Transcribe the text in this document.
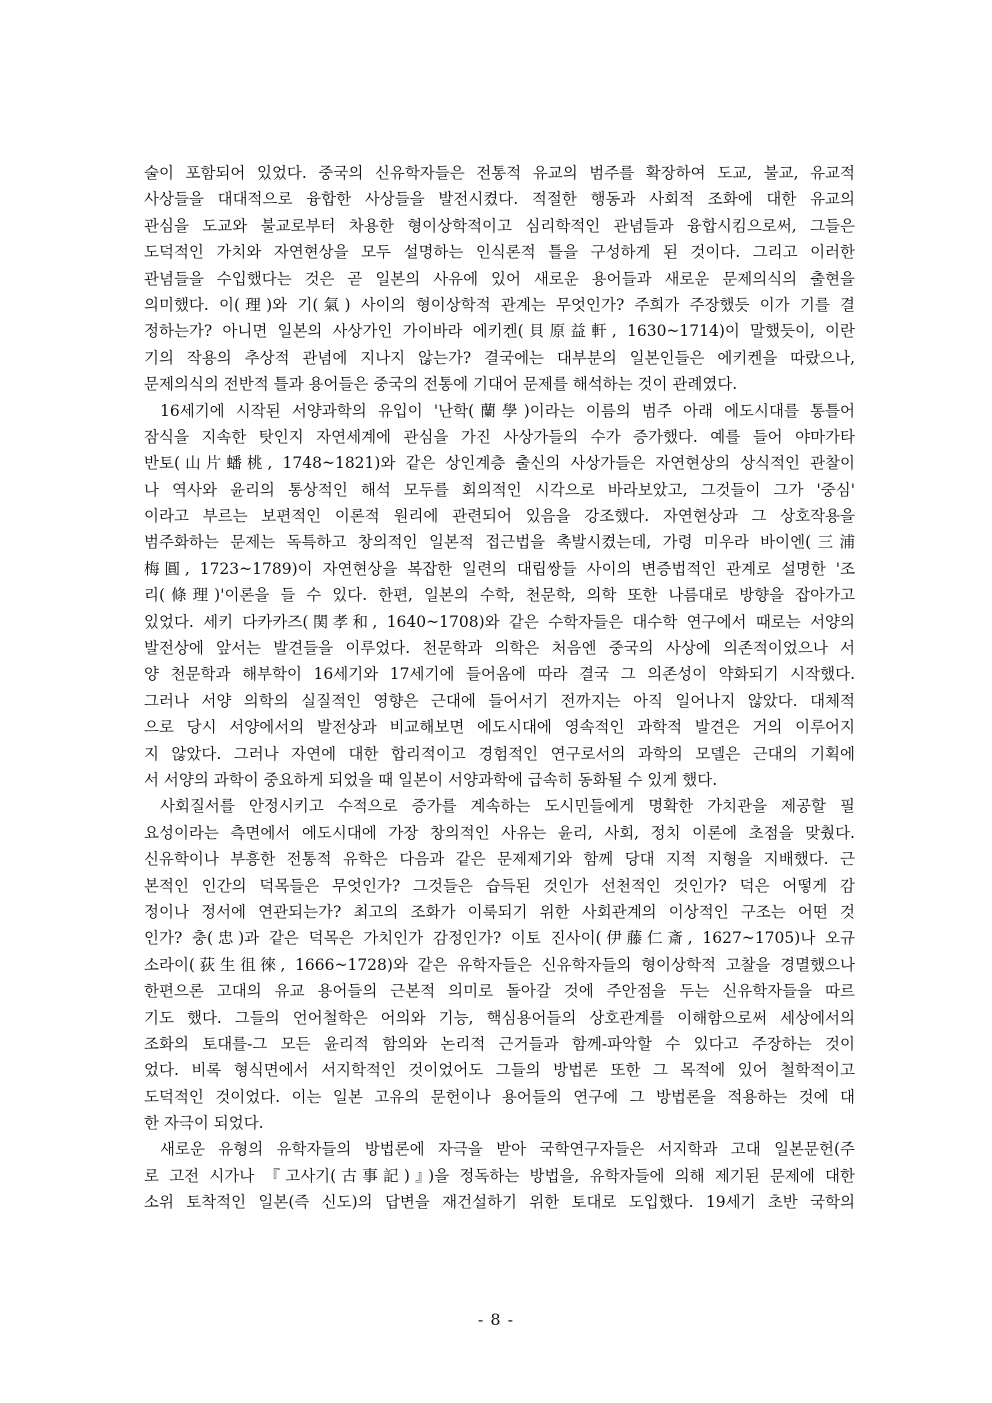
술이 포함되어 있었다. 중국의 신유학자들은 전통적 유교의 범주를 확장하여 도교, 불교, 유교적
사상들을 대대적으로 융합한 사상들을 발전시켰다. 적절한 행동과 사회적 조화에 대한 유교의
관심을 도교와 불교로부터 차용한 형이상학적이고 심리학적인 관념들과 융합시킴으로써, 그들은
도덕적인 가치와 자연현상을 모두 설명하는 인식론적 틀을 구성하게 된 것이다. 그리고 이러한
관념들을 수입했다는 것은 곧 일본의 사유에 있어 새로운 용어들과 새로운 문제의식의 출현을
의미했다. 이(理)와 기(氣) 사이의 형이상학적 관계는 무엇인가? 주희가 주장했듯 이가 기를 결
정하는가? 아니면 일본의 사상가인 가이바라 에키켄(貝原益軒, 1630~1714)이 말했듯이, 이란
기의 작용의 추상적 관념에 지나지 않는가? 결국에는 대부분의 일본인들은 에키켄을 따랐으나,
문제의식의 전반적 틀과 용어들은 중국의 전통에 기대어 문제를 해석하는 것이 관례였다.
16세기에 시작된 서양과학의 유입이 '난학(蘭學)이라는 이름의 범주 아래 에도시대를 통틀어
잠식을 지속한 탓인지 자연세계에 관심을 가진 사상가들의 수가 증가했다. 예를 들어 야마가타
반토(山片蟠桃, 1748~1821)와 같은 상인계층 출신의 사상가들은 자연현상의 상식적인 관찰이
나 역사와 윤리의 통상적인 해석 모두를 회의적인 시각으로 바라보았고, 그것들이 그가 '중심'
이라고 부르는 보편적인 이론적 원리에 관련되어 있음을 강조했다. 자연현상과 그 상호작용을
범주화하는 문제는 독특하고 창의적인 일본적 접근법을 촉발시켰는데, 가령 미우라 바이엔(三浦
梅圓, 1723~1789)이 자연현상을 복잡한 일련의 대립쌍들 사이의 변증법적인 관계로 설명한 '조
리(條理)'이론을 들 수 있다. 한편, 일본의 수학, 천문학, 의학 또한 나름대로 방향을 잡아가고
있었다. 세키 다카카즈(関孝和, 1640~1708)와 같은 수학자들은 대수학 연구에서 때로는 서양의
발전상에 앞서는 발견들을 이루었다. 천문학과 의학은 처음엔 중국의 사상에 의존적이었으나 서
양 천문학과 해부학이 16세기와 17세기에 들어옴에 따라 결국 그 의존성이 약화되기 시작했다.
그러나 서양 의학의 실질적인 영향은 근대에 들어서기 전까지는 아직 일어나지 않았다. 대체적
으로 당시 서양에서의 발전상과 비교해보면 에도시대에 영속적인 과학적 발견은 거의 이루어지
지 않았다. 그러나 자연에 대한 합리적이고 경험적인 연구로서의 과학의 모델은 근대의 기획에
서 서양의 과학이 중요하게 되었을 때 일본이 서양과학에 급속히 동화될 수 있게 했다.
사회질서를 안정시키고 수적으로 증가를 계속하는 도시민들에게 명확한 가치관을 제공할 필
요성이라는 측면에서 에도시대에 가장 창의적인 사유는 윤리, 사회, 정치 이론에 초점을 맞췄다.
신유학이나 부흥한 전통적 유학은 다음과 같은 문제제기와 함께 당대 지적 지형을 지배했다. 근
본적인 인간의 덕목들은 무엇인가? 그것들은 습득된 것인가 선천적인 것인가? 덕은 어떻게 감
정이나 정서에 연관되는가? 최고의 조화가 이룩되기 위한 사회관계의 이상적인 구조는 어떤 것
인가? 충(忠)과 같은 덕목은 가치인가 감정인가? 이토 진사이(伊藤仁斎, 1627~1705)나 오규
소라이(荻生徂徠, 1666~1728)와 같은 유학자들은 신유학자들의 형이상학적 고찰을 경멸했으나
한편으론 고대의 유교 용어들의 근본적 의미로 돌아갈 것에 주안점을 두는 신유학자들을 따르
기도 했다. 그들의 언어철학은 어의와 기능, 핵심용어들의 상호관계를 이해함으로써 세상에서의
조화의 토대를-그 모든 윤리적 함의와 논리적 근거들과 함께-파악할 수 있다고 주장하는 것이
었다. 비록 형식면에서 서지학적인 것이었어도 그들의 방법론 또한 그 목적에 있어 철학적이고
도덕적인 것이었다. 이는 일본 고유의 문헌이나 용어들의 연구에 그 방법론을 적용하는 것에 대
한 자극이 되었다.
새로운 유형의 유학자들의 방법론에 자극을 받아 국학연구자들은 서지학과 고대 일본문헌(주
로 고전 시가나 『고사기(古事記)』)을 정독하는 방법을, 유학자들에 의해 제기된 문제에 대한
소위 토착적인 일본(즉 신도)의 답변을 재건설하기 위한 토대로 도입했다. 19세기 초반 국학의
- 8 -
